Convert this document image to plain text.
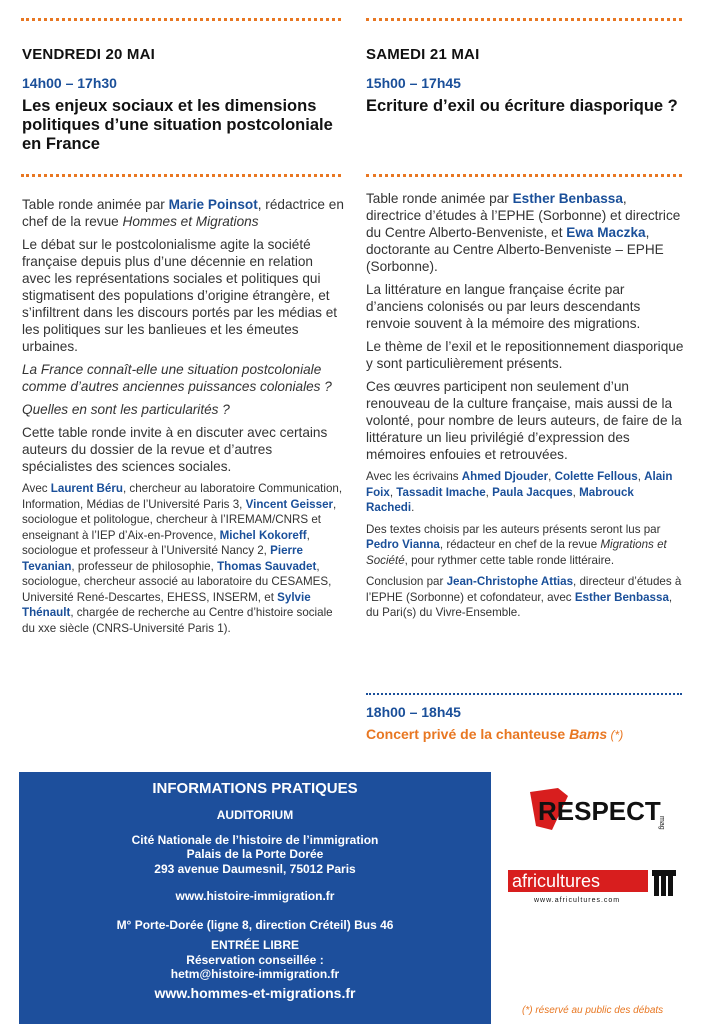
VENDREDI 20 MAI
14h00 – 17h30
Les enjeux sociaux et les dimensions politiques d’une situation postcoloniale en France
SAMEDI 21 MAI
15h00 – 17h45
Ecriture d’exil ou écriture diasporique ?

Table ronde animée par Marie Poinsot, rédactrice en chef de la revue Hommes et Migrations

Le débat sur le postcolonialisme agite la société française depuis plus d’une décennie en relation avec les représentations sociales et politiques qui stigmatisent des populations d’origine étrangère, et s’infiltrent dans les discours portés par les médias et les politiques sur les banlieues et les émeutes urbaines.

La France connaît-elle une situation postcoloniale comme d’autres anciennes puissances coloniales ?

Quelles en sont les particularités ?

Cette table ronde invite à en discuter avec certains auteurs du dossier de la revue et d’autres spécialistes des sciences sociales.

Avec Laurent Béru, chercheur au laboratoire Communication, Information, Médias de l’Université Paris 3, Vincent Geisser, sociologue et politologue, chercheur à l’IREMAM/CNRS et enseignant à l’IEP d’Aix-en-Provence, Michel Kokoreff, sociologue et professeur à l’Université Nancy 2, Pierre Tevanian, professeur de philosophie, Thomas Sauvadet, sociologue, chercheur associé au laboratoire du CESAMES, Université René-Descartes, EHESS, INSERM, et Sylvie Thénault, chargée de recherche au Centre d’histoire sociale du xxe siècle (CNRS-Université Paris 1).

Table ronde animée par Esther Benbassa, directrice d’études à l’EPHE (Sorbonne) et directrice du Centre Alberto-Benveniste, et Ewa Maczka, doctorante au Centre Alberto-Benveniste – EPHE (Sorbonne).

La littérature en langue française écrite par d’anciens colonisés ou par leurs descendants renvoie souvent à la mémoire des migrations.

Le thème de l’exil et le repositionnement diasporique y sont particulièrement présents.

Ces œuvres participent non seulement d’un renouveau de la culture française, mais aussi de la volonté, pour nombre de leurs auteurs, de faire de la littérature un lieu privilégié d’expression des mémoires enfouies et retrouvées.

Avec les écrivains Ahmed Djouder, Colette Fellous, Alain Foix, Tassadit Imache, Paula Jacques, Mabrouck Rachedi.

Des textes choisis par les auteurs présents seront lus par Pedro Vianna, rédacteur en chef de la revue Migrations et Société, pour rythmer cette table ronde littéraire.

Conclusion par Jean-Christophe Attias, directeur d’études à l’EPHE (Sorbonne) et cofondateur, avec Esther Benbassa, du Pari(s) du Vivre-Ensemble.

18h00 – 18h45
Concert privé de la chanteuse Bams (*)
INFORMATIONS PRATIQUES
AUDITORIUM
Cité Nationale de l’histoire de l’immigration
Palais de la Porte Dorée
293 avenue Daumesnil, 75012 Paris
www.histoire-immigration.fr
M° Porte-Dorée (ligne 8, direction Créteil) Bus 46
ENTRÉE LIBRE
Réservation conseillée :
hetm@histoire-immigration.fr
www.hommes-et-migrations.fr
RESPECT
mag
africultures
www.africultures.com
(*) réservé au public des débats
